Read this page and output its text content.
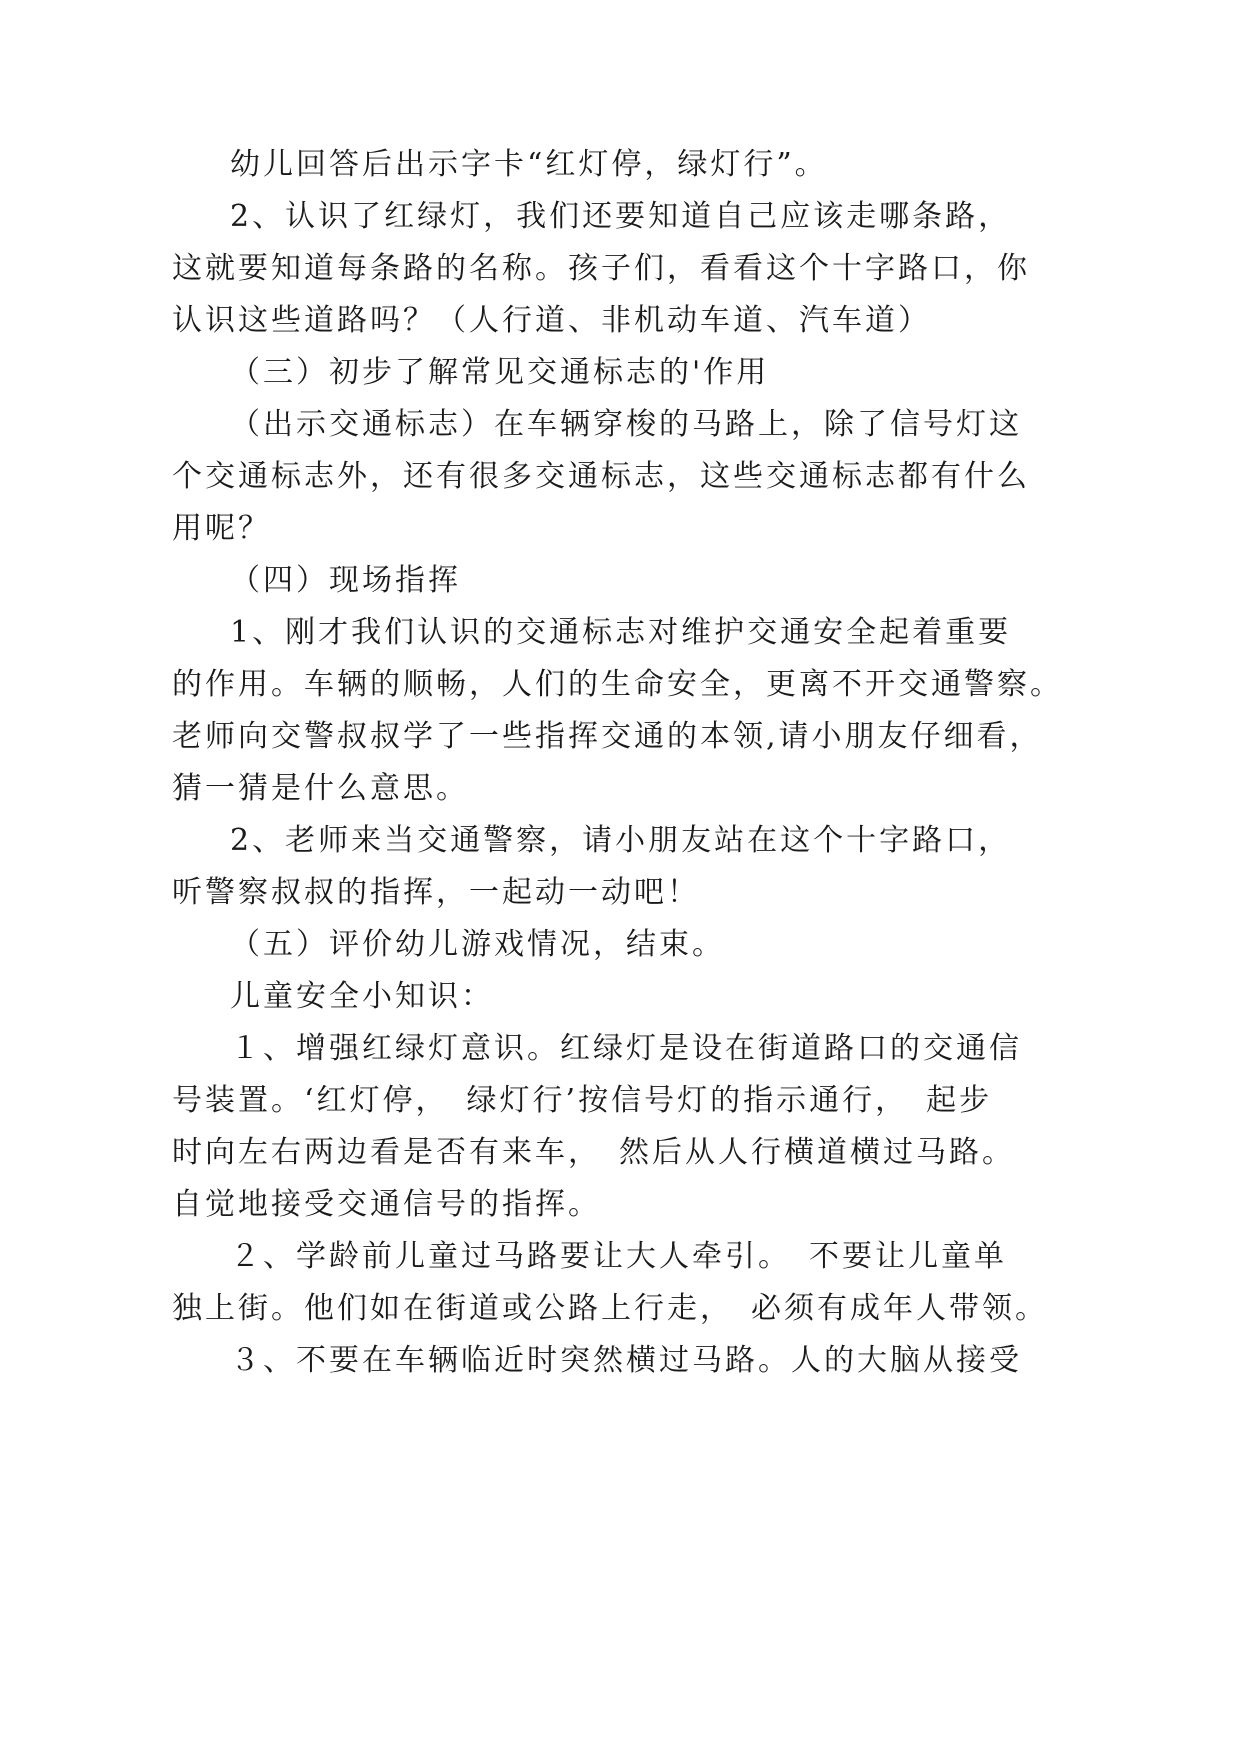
幼儿回答后出示字卡“红灯停，绿灯行”。
2、认识了红绿灯，我们还要知道自己应该走哪条路，
这就要知道每条路的名称。孩子们，看看这个十字路口，你
认识这些道路吗？（人行道、非机动车道、汽车道）
（三）初步了解常见交通标志的'作用
（出示交通标志）在车辆穿梭的马路上，除了信号灯这
个交通标志外，还有很多交通标志，这些交通标志都有什么
用呢？
（四）现场指挥
1、刚才我们认识的交通标志对维护交通安全起着重要
的作用。车辆的顺畅，人们的生命安全，更离不开交通警察。
老师向交警叔叔学了一些指挥交通的本领,请小朋友仔细看，
猜一猜是什么意思。
2、老师来当交通警察，请小朋友站在这个十字路口，
听警察叔叔的指挥，一起动一动吧！
（五）评价幼儿游戏情况，结束。
儿童安全小知识：
１、增强红绿灯意识。红绿灯是设在街道路口的交通信
号装置。‘红灯停，　绿灯行’按信号灯的指示通行，　起步
时向左右两边看是否有来车，　然后从人行横道横过马路。
自觉地接受交通信号的指挥。
２、学龄前儿童过马路要让大人牵引。　不要让儿童单
独上街。他们如在街道或公路上行走，　必须有成年人带领。
３、不要在车辆临近时突然横过马路。人的大脑从接受
